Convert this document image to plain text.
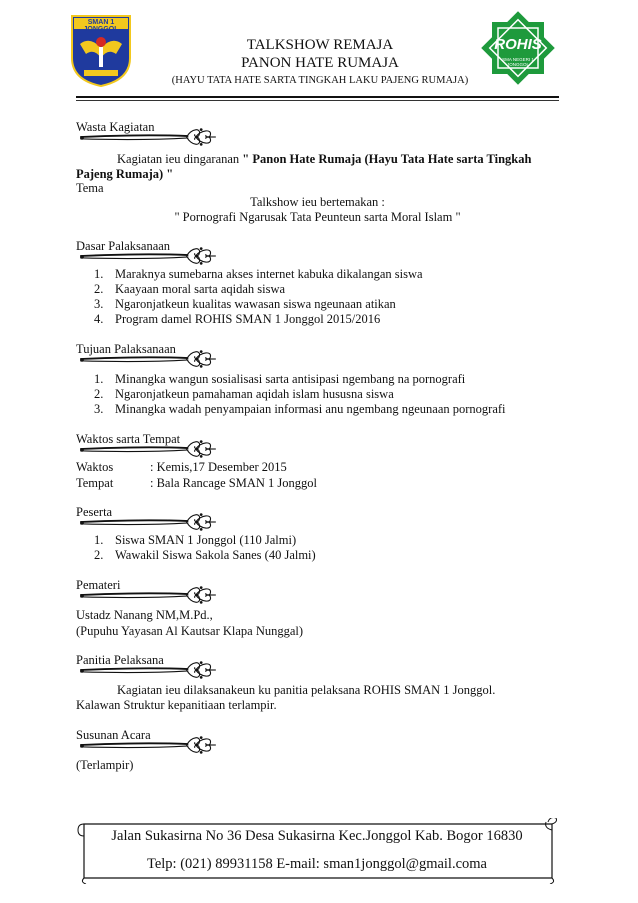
SMAN 1 JONGGOL
TALKSHOW REMAJA
PANON HATE RUMAJA
(HAYU TATA HATE SARTA TINGKAH LAKU PAJENG RUMAJA)
ROHIS
SMA NEGERI 1 JONGGOL
Wasta Kagiatan
Kagiatan ieu dingaranan " Panon Hate Rumaja (Hayu Tata Hate sarta Tingkah
Pajeng Rumaja) "
Tema
Talkshow ieu bertemakan :
" Pornografi Ngarusak Tata Peunteun sarta Moral Islam "
Dasar Palaksanaan
1. Maraknya sumebarna akses internet kabuka dikalangan siswa
2. Kaayaan moral sarta aqidah siswa
3. Ngaronjatkeun kualitas wawasan siswa ngeunaan atikan
4. Program damel ROHIS SMAN 1 Jonggol 2015/2016
Tujuan Palaksanaan
1. Minangka wangun sosialisasi sarta antisipasi ngembang na pornografi
2. Ngaronjatkeun pamahaman aqidah islam hususna siswa
3. Minangka wadah penyampaian informasi anu ngembang ngeunaan pornografi
Waktos sarta Tempat
Waktos	: Kemis,17 Desember 2015
Tempat	: Bala Rancage SMAN 1 Jonggol
Peserta
1. Siswa SMAN 1 Jonggol (110 Jalmi)
2. Wawakil Siswa Sakola Sanes (40 Jalmi)
Pemateri
Ustadz Nanang NM,M.Pd.,
(Pupuhu Yayasan Al Kautsar Klapa Nunggal)
Panitia Pelaksana
Kagiatan ieu dilaksanakeun ku panitia pelaksana ROHIS SMAN 1 Jonggol.
Kalawan Struktur kepanitiaan terlampir.
Susunan Acara
(Terlampir)
Jalan Sukasirna No 36 Desa Sukasirna Kec.Jonggol Kab. Bogor 16830
Telp: (021) 89931158 E-mail: sman1jonggol@gmail.coma
